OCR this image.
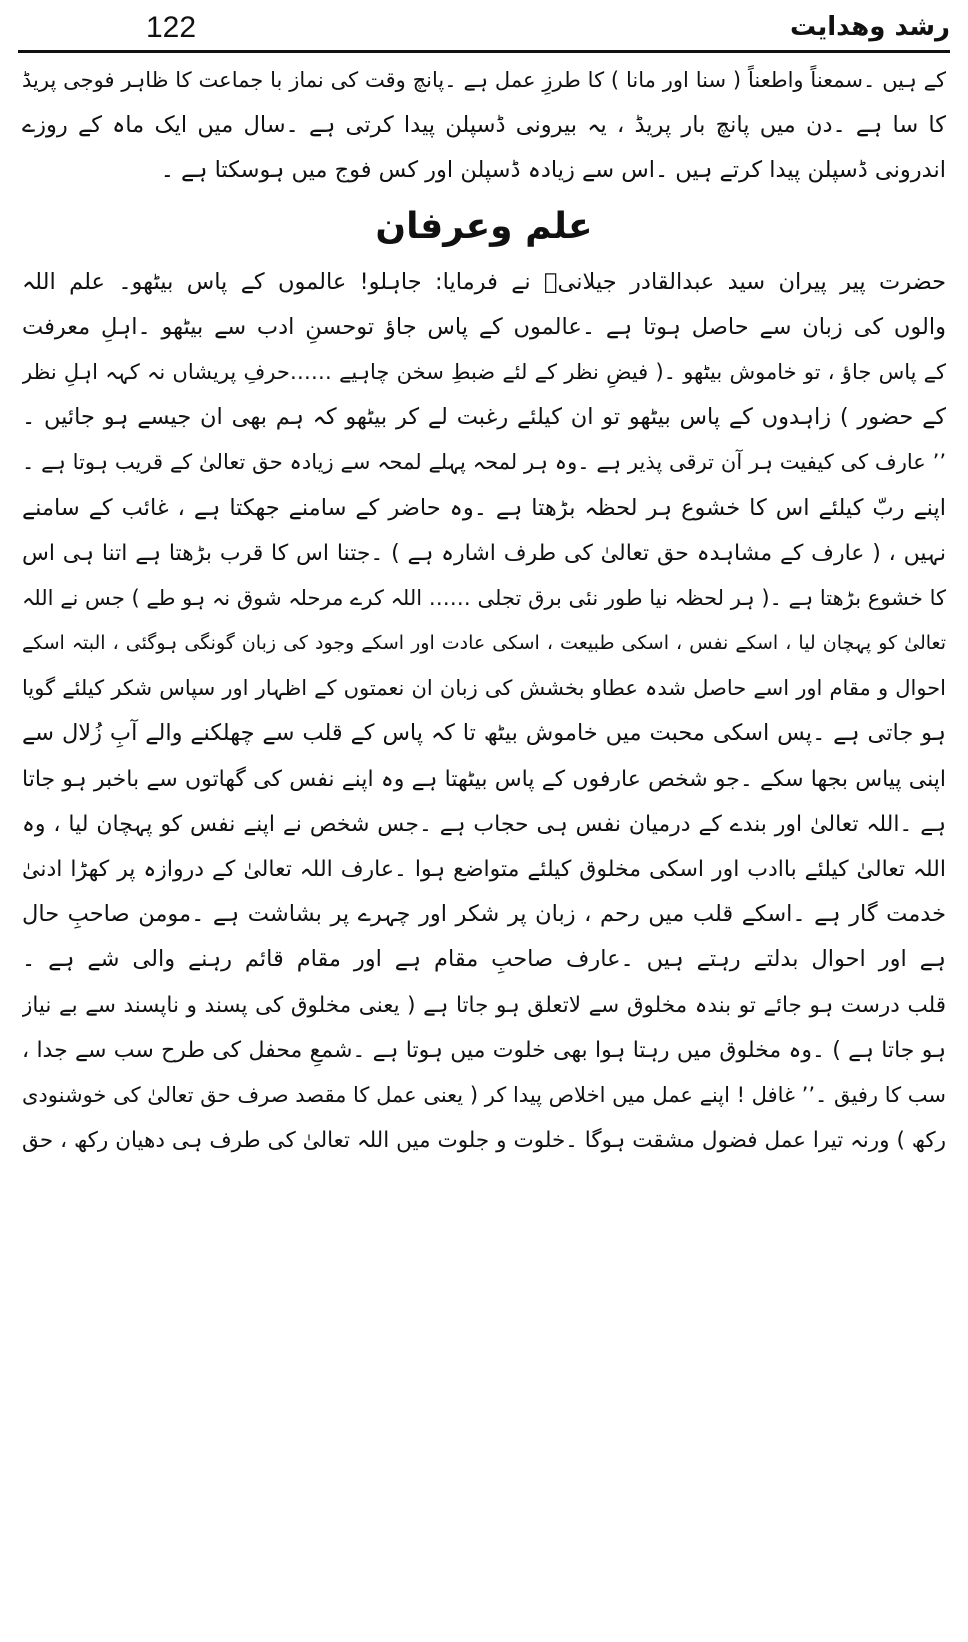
122	رشد وهدایت
کے ہیں ۔سمعناً واطعناً ( سنا اور مانا ) کا طرزِ عمل ہے ۔پانچ وقت کی نماز با جماعت کا ظاہر فوجی پریڈ
کا سا ہے ۔دن میں پانچ بار پریڈ ، یہ بیرونی ڈسپلن پیدا کرتی ہے ۔سال میں ایک ماہ کے روزے
اندرونی ڈسپلن پیدا کرتے ہیں ۔اس سے زیادہ ڈسپلن اور کس فوج میں ہوسکتا ہے ۔
علم وعرفان
حضرت پیر پیران سید عبدالقادر جیلانیؒ نے فرمایا: جاہلو! عالموں کے پاس بیٹھو۔ علم اللہ
والوں کی زبان سے حاصل ہوتا ہے ۔عالموں کے پاس جاؤ توحسنِ ادب سے بیٹھو ۔اہلِ معرفت
کے پاس جاؤ ، تو خاموش بیٹھو ۔( فیضِ نظر کے لئے ضبطِ سخن چاہیے ……حرفِ پریشاں نہ کہہ اہلِ نظر
کے حضور ) زاہدوں کے پاس بیٹھو تو ان کیلئے رغبت لے کر بیٹھو کہ ہم بھی ان جیسے ہو جائیں ۔
’’ عارف کی کیفیت ہر آن ترقی پذیر ہے ۔وہ ہر لمحہ پہلے لمحہ سے زیادہ حق تعالیٰ کے قریب ہوتا ہے ۔
اپنے ربّ کیلئے اس کا خشوع ہر لحظہ بڑھتا ہے ۔وہ حاضر کے سامنے جھکتا ہے ، غائب کے سامنے
نہیں ، ( عارف کے مشاہدہ حق تعالیٰ کی طرف اشارہ ہے ) ۔جتنا اس کا قرب بڑھتا ہے اتنا ہی اس
کا خشوع بڑھتا ہے ۔( ہر لحظہ نیا طور نئی برق تجلی …… اللہ کرے مرحلہ شوق نہ ہو طے ) جس نے اللہ
تعالیٰ کو پہچان لیا ، اسکے نفس ، اسکی طبیعت ، اسکی عادت اور اسکے وجود کی زبان گونگی ہوگئی ، البتہ اسکے
احوال و مقام اور اسے حاصل شدہ عطاو بخشش کی زبان ان نعمتوں کے اظہار اور سپاس شکر کیلئے گویا
ہو جاتی ہے ۔پس اسکی محبت میں خاموش بیٹھ تا کہ پاس کے قلب سے چھلکنے والے آبِ زُلال سے
اپنی پیاس بجھا سکے ۔جو شخص عارفوں کے پاس بیٹھتا ہے وہ اپنے نفس کی گھاتوں سے باخبر ہو جاتا
ہے ۔اللہ تعالیٰ اور بندے کے درمیان نفس ہی حجاب ہے ۔جس شخص نے اپنے نفس کو پہچان لیا ، وہ
اللہ تعالیٰ کیلئے باادب اور اسکی مخلوق کیلئے متواضع ہوا ۔عارف اللہ تعالیٰ کے دروازہ پر کھڑا ادنیٰ
خدمت گار ہے ۔اسکے قلب میں رحم ، زبان پر شکر اور چہرے پر بشاشت ہے ۔مومن صاحبِ حال
ہے اور احوال بدلتے رہتے ہیں ۔عارف صاحبِ مقام ہے اور مقام قائم رہنے والی شے ہے ۔
قلب درست ہو جائے تو بندہ مخلوق سے لاتعلق ہو جاتا ہے ( یعنی مخلوق کی پسند و ناپسند سے بے نیاز
ہو جاتا ہے ) ۔وہ مخلوق میں رہتا ہوا بھی خلوت میں ہوتا ہے ۔شمعِ محفل کی طرح سب سے جدا ،
سب کا رفیق ۔’’ غافل ! اپنے عمل میں اخلاص پیدا کر ( یعنی عمل کا مقصد صرف حق تعالیٰ کی خوشنودی
رکھ ) ورنہ تیرا عمل فضول مشقت ہوگا ۔خلوت و جلوت میں اللہ تعالیٰ کی طرف ہی دھیان رکھ ، حق
